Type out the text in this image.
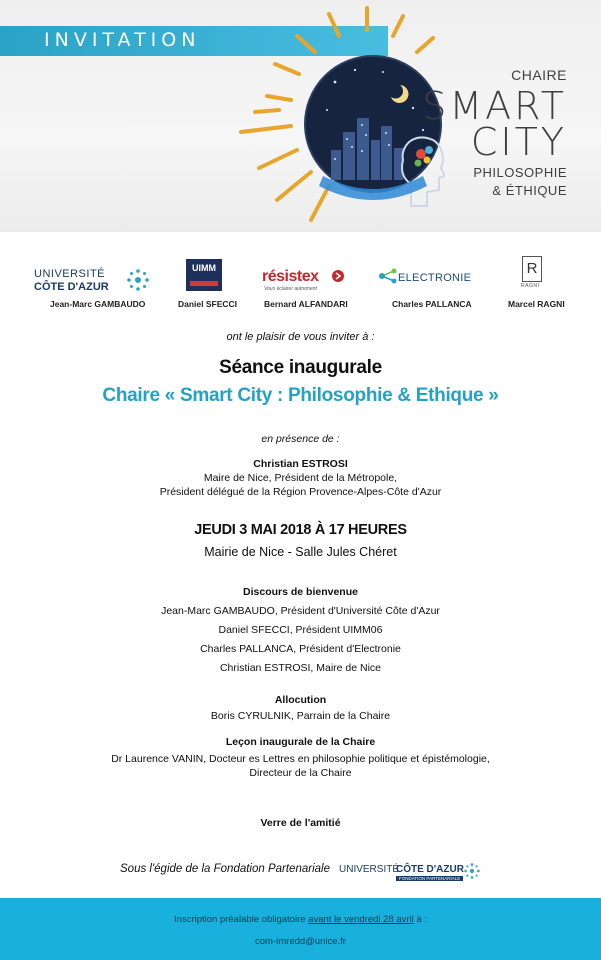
INVITATION
CHAIRE
SMART
CITY
PHILOSOPHIE
& ÉTHIQUE
UNIVERSITÉ
CÔTE D'AZUR
Jean-Marc GAMBAUDO
UIMM
Daniel SFECCI
résistex
Vous éclairer autrement
Bernard ALFANDARI
ELECTRONIE
Charles PALLANCA
R
RAGNI
Marcel RAGNI
ont le plaisir de vous inviter à :
Séance inaugurale
Chaire « Smart City : Philosophie & Ethique »
en présence de :
Christian ESTROSI
Maire de Nice, Président de la Métropole,
Président délégué de la Région Provence-Alpes-Côte d'Azur
JEUDI 3 MAI 2018 À 17 HEURES
Mairie de Nice - Salle Jules Chéret
Discours de bienvenue
Jean-Marc GAMBAUDO, Président d'Université Côte d'Azur
Daniel SFECCI, Président UIMM06
Charles PALLANCA, Président d'Electronie
Christian ESTROSI, Maire de Nice
Allocution
Boris CYRULNIK, Parrain de la Chaire
Leçon inaugurale de la Chaire
Dr Laurence VANIN, Docteur es Lettres en philosophie politique et épistémologie,
Directeur de la Chaire
Verre de l'amitié
Sous l'égide de la Fondation Partenariale UNIVERSITÉ
CÔTE D'AZUR
FONDATION PARTENARIALE
Inscription préalable obligatoire avant le vendredi 28 avril à :
com-imredd@unice.fr
